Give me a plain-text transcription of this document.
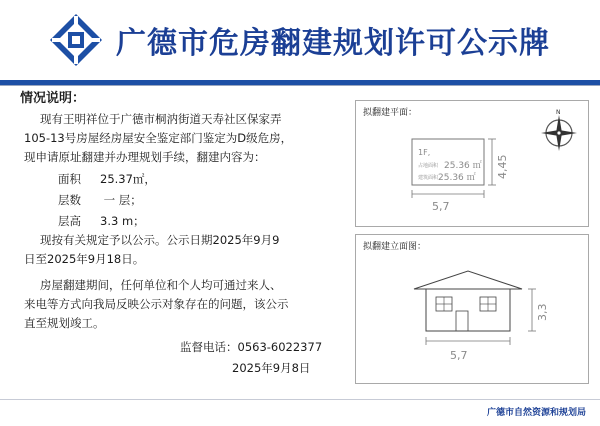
广德市危房翻建规划许可公示牌
情况说明：
现有王明祥位于广德市桐汭街道天寿社区保家弄
105-13号房屋经房屋安全鉴定部门鉴定为D级危房，
现申请原址翻建并办理规划手续，翻建内容为：
面积 25.37㎡，
层数 一 层；
层高 3.3 m；
现按有关规定予以公示。公示日期2025年9月9
日至2025年9月18日。
房屋翻建期间，任何单位和个人均可通过来人、
来电等方式向我局反映公示对象存在的问题，该公示
直至规划竣工。
监督电话：0563-6022377
2025年9月8日
拟翻建平面：
1F,
占地面积 25.36 ㎡
建筑面积 25.36 ㎡ 4,45
5,7
N
拟翻建立面图：
3,3
5,7
广德市自然资源和规划局
